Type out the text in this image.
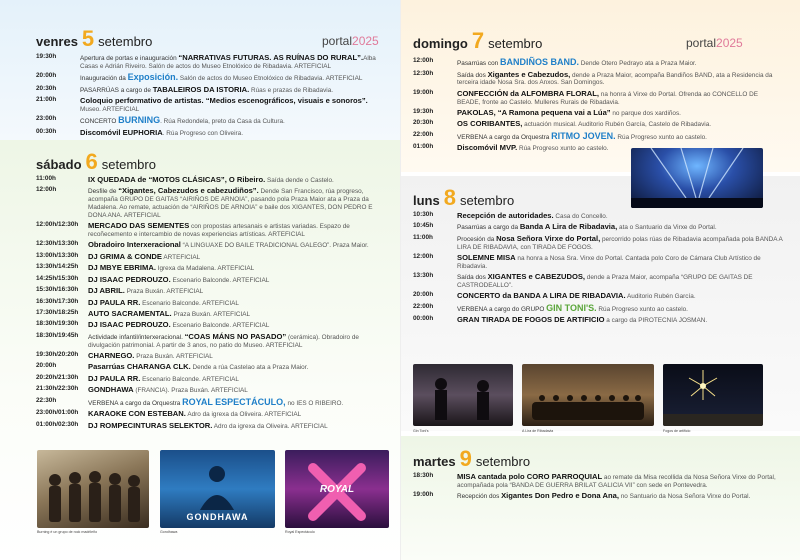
venres 5 setembro	portal2025
19:30h	Apertura de portas e inauguración “NARRATIVAS FUTURAS. AS RUÍNAS DO RURAL”.Alba Casas e Adrián Riveiro. Salón de actos do Museo Etnolóxico de Ribadavia. ARTEFICIAL
20:00h	Inauguración da Exposición. Salón de actos do Museo Etnolóxico de Ribadavia. ARTEFICIAL
20:30h	PASARRÚAS a cargo de TABALEIROS DA ISTORIA. Rúas e prazas de Ribadavia.
21:00h	Coloquio performativo de artistas. “Medios escenográficos, visuais e sonoros”. Museo. ARTEFICIAL
23:00h	CONCERTO BURNING. Rúa Redondela, preto da Casa da Cultura.
00:30h	Discomóvil EUPHORIA. Rúa Progreso con Oliveira.
sábado 6 setembro
11:00h	IX QUEDADA de “MOTOS CLÁSICAS”, O Ribeiro. Saída dende o Castelo.
12:00h	Desfile de “Xigantes, Cabezudos e cabezudiños”. Dende San Francisco, rúa progreso, acompaña GRUPO DE GAITAS “AIRIÑOS DE ARNOIA”, pasando pola Praza Maior ata a Praza da Madalena. Ao remate, actuación de “AIRIÑOS DE ARNOIA” e baile dos XIGANTES, DON PEDRO E DONA ANA. ARTEFICIAL
12:00h/12:30h	MERCADO DAS SEMENTES con propostas artesanais e artistas variadas. Espazo de recoñecemento e intercambio de novas experiencias artísticas. ARTEFICIAL
12:30h/13:30h	Obradoiro Interxeracional “A LINGUAXE DO BAILE TRADICIONAL GALEGO”. Praza Maior.
13:00h/13:30h	DJ GRIMA & CONDE ARTEFICIAL
13:30h/14:25h	DJ MBYE EBRIMA. Igrexa da Madalena. ARTEFICIAL
14:25h/15:30h	DJ ISAAC PEDROUZO. Escenario Balconde. ARTEFICIAL
15:30h/16:30h	DJ ABRIL. Praza Buxán. ARTEFICIAL
16:30h/17:30h	DJ PAULA RR. Escenario Balconde. ARTEFICIAL
17:30h/18:25h	AUTO SACRAMENTAL. Praza Buxán. ARTEFICIAL
18:30h/19:30h	DJ ISAAC PEDROUZO. Escenario Balconde. ARTEFICIAL
18:30h/19:45h	Actividade infantil/interxeracional. “COAS MÁNS NO PASADO” (cerámica). Obradoiro de divulgación patrimonial. A partir de 3 anos, no patio do Museo. ARTEFICIAL
19:30h/20:20h	CHARNEGO. Praza Buxán. ARTEFICIAL
20:00h	Pasarrúas CHARANGA CLK. Dende a rúa Castelao ata a Praza Maior.
20:20h/21:30h	DJ PAULA RR. Escenario Balconde. ARTEFICIAL
21:30h/22:30h	GONDHAWA (FRANCIA). Praza Buxán. ARTEFICIAL
22:30h	VERBENA a cargo da Orquestra ROYAL ESPECTÁCULO, no IES O RIBEIRO.
23:00h/01:00h	KARAOKE CON ESTEBAN. Adro da igrexa da Oliveira. ARTEFICIAL
01:00h/02:30h	DJ ROMPECINTURAS SELEKTOR. Adro da igrexa da Oliveira. ARTEFICIAL
Burning é un grupo de rock madrileño
GONDHAWA
Gondhawa
ROYAL
Royal Espectáculo
domingo 7 setembro	portal2025
12:00h	Pasarrúas con BANDIÑOS BAND. Dende Otero Pedrayo ata a Praza Maior.
12:30h	Saída dos Xigantes e Cabezudos, dende a Praza Maior, acompaña Bandiños BAND, ata a Residencia da terceira idade Nosa Sra. dos Anxos. San Domingos.
19:00h	CONFECCIÓN da ALFOMBRA FLORAL, na honra á Virxe do Portal. Ofrenda ao CONCELLO DE BEADE, fronte ao Castelo. Mulleres Rurais de Ribadavia.
19:30h	PAKOLAS, “A Ramona pequena vai a Lúa” no parque dos xardiños.
20:30h	OS CORIBANTES, actuación musical. Auditorio Rubén García, Castelo de Ribadavia.
22:00h	VERBENA a cargo da Orquestra RITMO JOVEN. Rúa Progreso xunto ao castelo.
01:00h	Discomóvil MVP. Rúa Progreso xunto ao castelo.
luns 8 setembro
10:30h	Recepción de autoridades. Casa do Concello.
10:45h	Pasarrúas a cargo da Banda A Lira de Ribadavia, ata o Santuario da Virxe do Portal.
11:00h	Procesión da Nosa Señora Virxe do Portal, percorrido polas rúas de Ribadavia acompañada pola BANDA A LIRA DE RIBADAVIA, con TIRADA DE FOGOS.
12:00h	SOLEMNE MISA na honra a Nosa Sra. Virxe do Portal. Cantada polo Coro de Cámara Club Artístico de Ribadavia.
13:30h	Saída dos XIGANTES e CABEZUDOS, dende a Praza Maior, acompaña “GRUPO DE GAITAS DE CASTRODEALLO”.
20:00h	CONCERTO da BANDA A LIRA DE RIBADAVIA. Auditorio Rubén García.
22:00h	VERBENA a cargo do GRUPO GIN TONI'S. Rúa Progreso xunto ao castelo.
00:00h	GRAN TIRADA DE FOGOS DE ARTIFICIO a cargo da PIROTECNIA JOSMAN.
Gin Toni's	A Lira de Ribadavia	Fogos de artificio
martes 9 setembro
18:30h	MISA cantada polo CORO PARROQUIAL ao remate da Misa recollida da Nosa Señora Virxe do Portal, acompañada pola “BANDA DE GUERRA BRILAT GALICIA VII” con sede en Pontevedra.
19:00h	Recepción dos Xigantes Don Pedro e Dona Ana, no Santuario da Nosa Señora Virxe do Portal.
